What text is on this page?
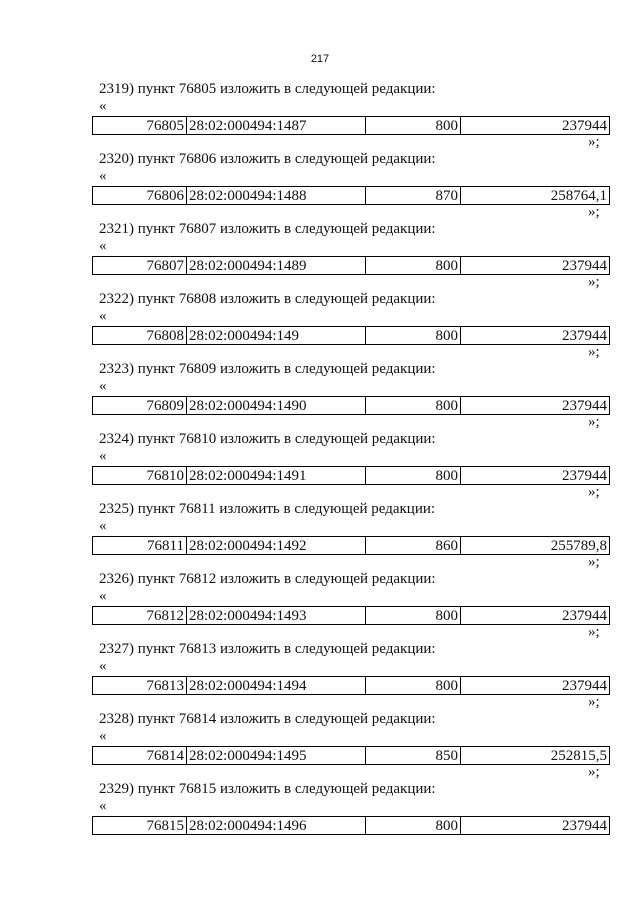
217
2319) пункт 76805 изложить в следующей редакции:
«
76805	28:02:000494:1487	800	237944
»;
2320) пункт 76806 изложить в следующей редакции:
«
76806	28:02:000494:1488	870	258764,1
»;
2321) пункт 76807 изложить в следующей редакции:
«
76807	28:02:000494:1489	800	237944
»;
2322) пункт 76808 изложить в следующей редакции:
«
76808	28:02:000494:149	800	237944
»;
2323) пункт 76809 изложить в следующей редакции:
«
76809	28:02:000494:1490	800	237944
»;
2324) пункт 76810 изложить в следующей редакции:
«
76810	28:02:000494:1491	800	237944
»;
2325) пункт 76811 изложить в следующей редакции:
«
76811	28:02:000494:1492	860	255789,8
»;
2326) пункт 76812 изложить в следующей редакции:
«
76812	28:02:000494:1493	800	237944
»;
2327) пункт 76813 изложить в следующей редакции:
«
76813	28:02:000494:1494	800	237944
»;
2328) пункт 76814 изложить в следующей редакции:
«
76814	28:02:000494:1495	850	252815,5
»;
2329) пункт 76815 изложить в следующей редакции:
«
76815	28:02:000494:1496	800	237944
